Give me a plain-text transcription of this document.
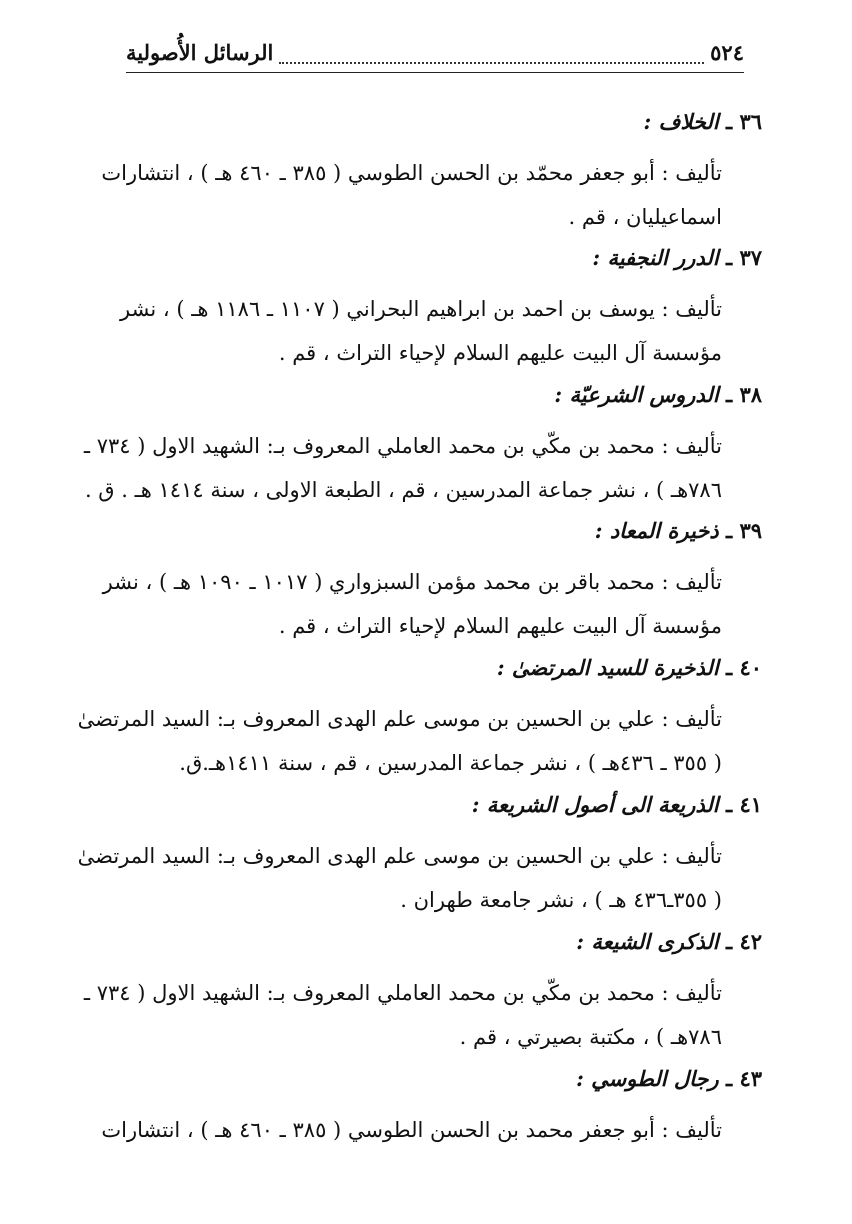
٥٢٤
الرسائل الأُصولية
٣٦ ـ الخلاف :
تأليف : أبو جعفر محمّد بن الحسن الطوسي ( ٣٨٥ ـ ٤٦٠ هـ ) ، انتشارات
اسماعيليان ، قم .
٣٧ ـ الدرر النجفية :
تأليف : يوسف بن احمد بن ابراهيم البحراني ( ١١٠٧ ـ ١١٨٦ هـ ) ، نشر
مؤسسة آل البيت عليهم السلام لإحياء التراث ، قم .
٣٨ ـ الدروس الشرعيّة :
تأليف : محمد بن مكّي بن محمد العاملي المعروف بـ: الشهيد الاول ( ٧٣٤ ـ
٧٨٦هـ ) ، نشر جماعة المدرسين ، قم ، الطبعة الاولى ، سنة ١٤١٤ هـ . ق .
٣٩ ـ ذخيرة المعاد :
تأليف : محمد باقر بن محمد مؤمن السبزواري ( ١٠١٧ ـ ١٠٩٠ هـ ) ، نشر
مؤسسة آل البيت عليهم السلام لإحياء التراث ، قم .
٤٠ ـ الذخيرة للسيد المرتضىٰ :
تأليف : علي بن الحسين بن موسى علم الهدى المعروف بـ: السيد المرتضىٰ
( ٣٥٥ ـ ٤٣٦هـ ) ، نشر جماعة المدرسين ، قم ، سنة ١٤١١هـ.ق.
٤١ ـ الذريعة الى أصول الشريعة :
تأليف : علي بن الحسين بن موسى علم الهدى المعروف بـ: السيد المرتضىٰ
( ٣٥٥ـ٤٣٦ هـ ) ، نشر جامعة طهران .
٤٢ ـ الذكرى الشيعة :
تأليف : محمد بن مكّي بن محمد العاملي المعروف بـ: الشهيد الاول ( ٧٣٤ ـ
٧٨٦هـ ) ، مكتبة بصيرتي ، قم .
٤٣ ـ رجال الطوسي :
تأليف : أبو جعفر محمد بن الحسن الطوسي ( ٣٨٥ ـ ٤٦٠ هـ ) ، انتشارات
